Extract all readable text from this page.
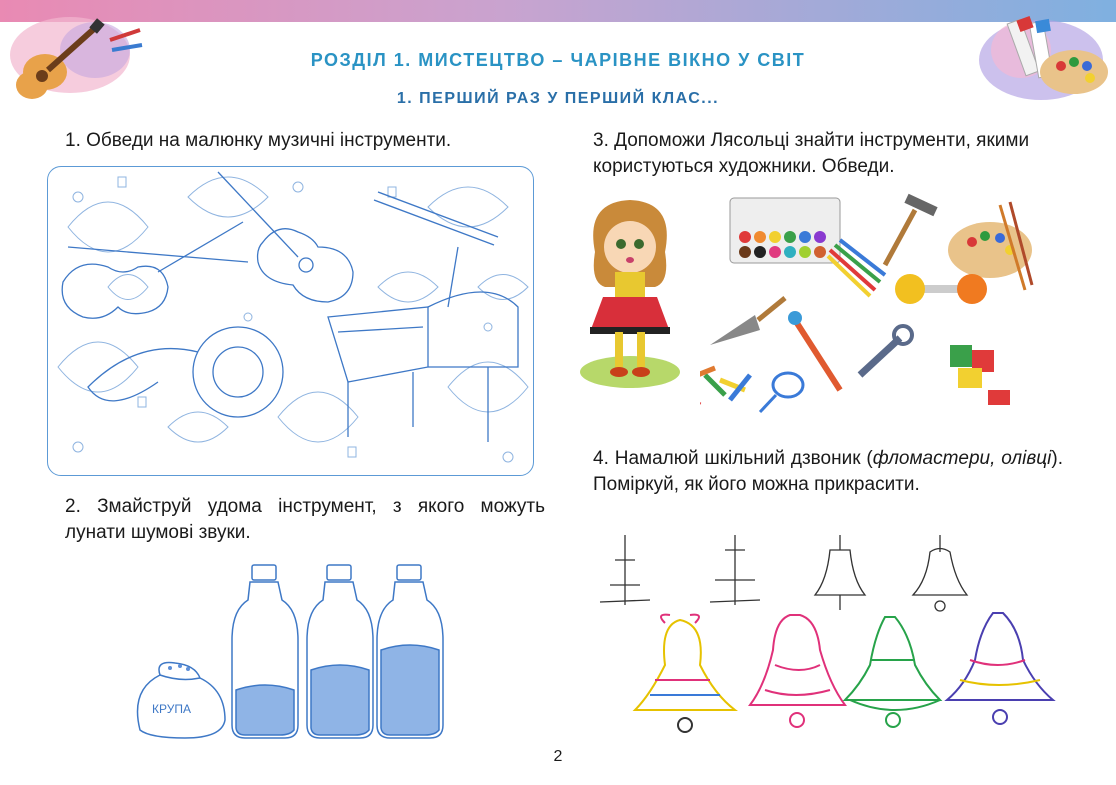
РОЗДІЛ 1. МИСТЕЦТВО – ЧАРІВНЕ ВІКНО У СВІТ
1. ПЕРШИЙ РАЗ У ПЕРШИЙ КЛАС...

1. Обведи на малюнку музичні інструменти.

2. Змайструй удома інструмент, з якого можуть лунати шумові звуки.

КРУПА

3. Допоможи Лясольці знайти інструменти, якими користуються художники. Обведи.

4. Намалюй шкільний дзвоник (фломастери, олівці). Поміркуй, як його можна прикрасити.

2
